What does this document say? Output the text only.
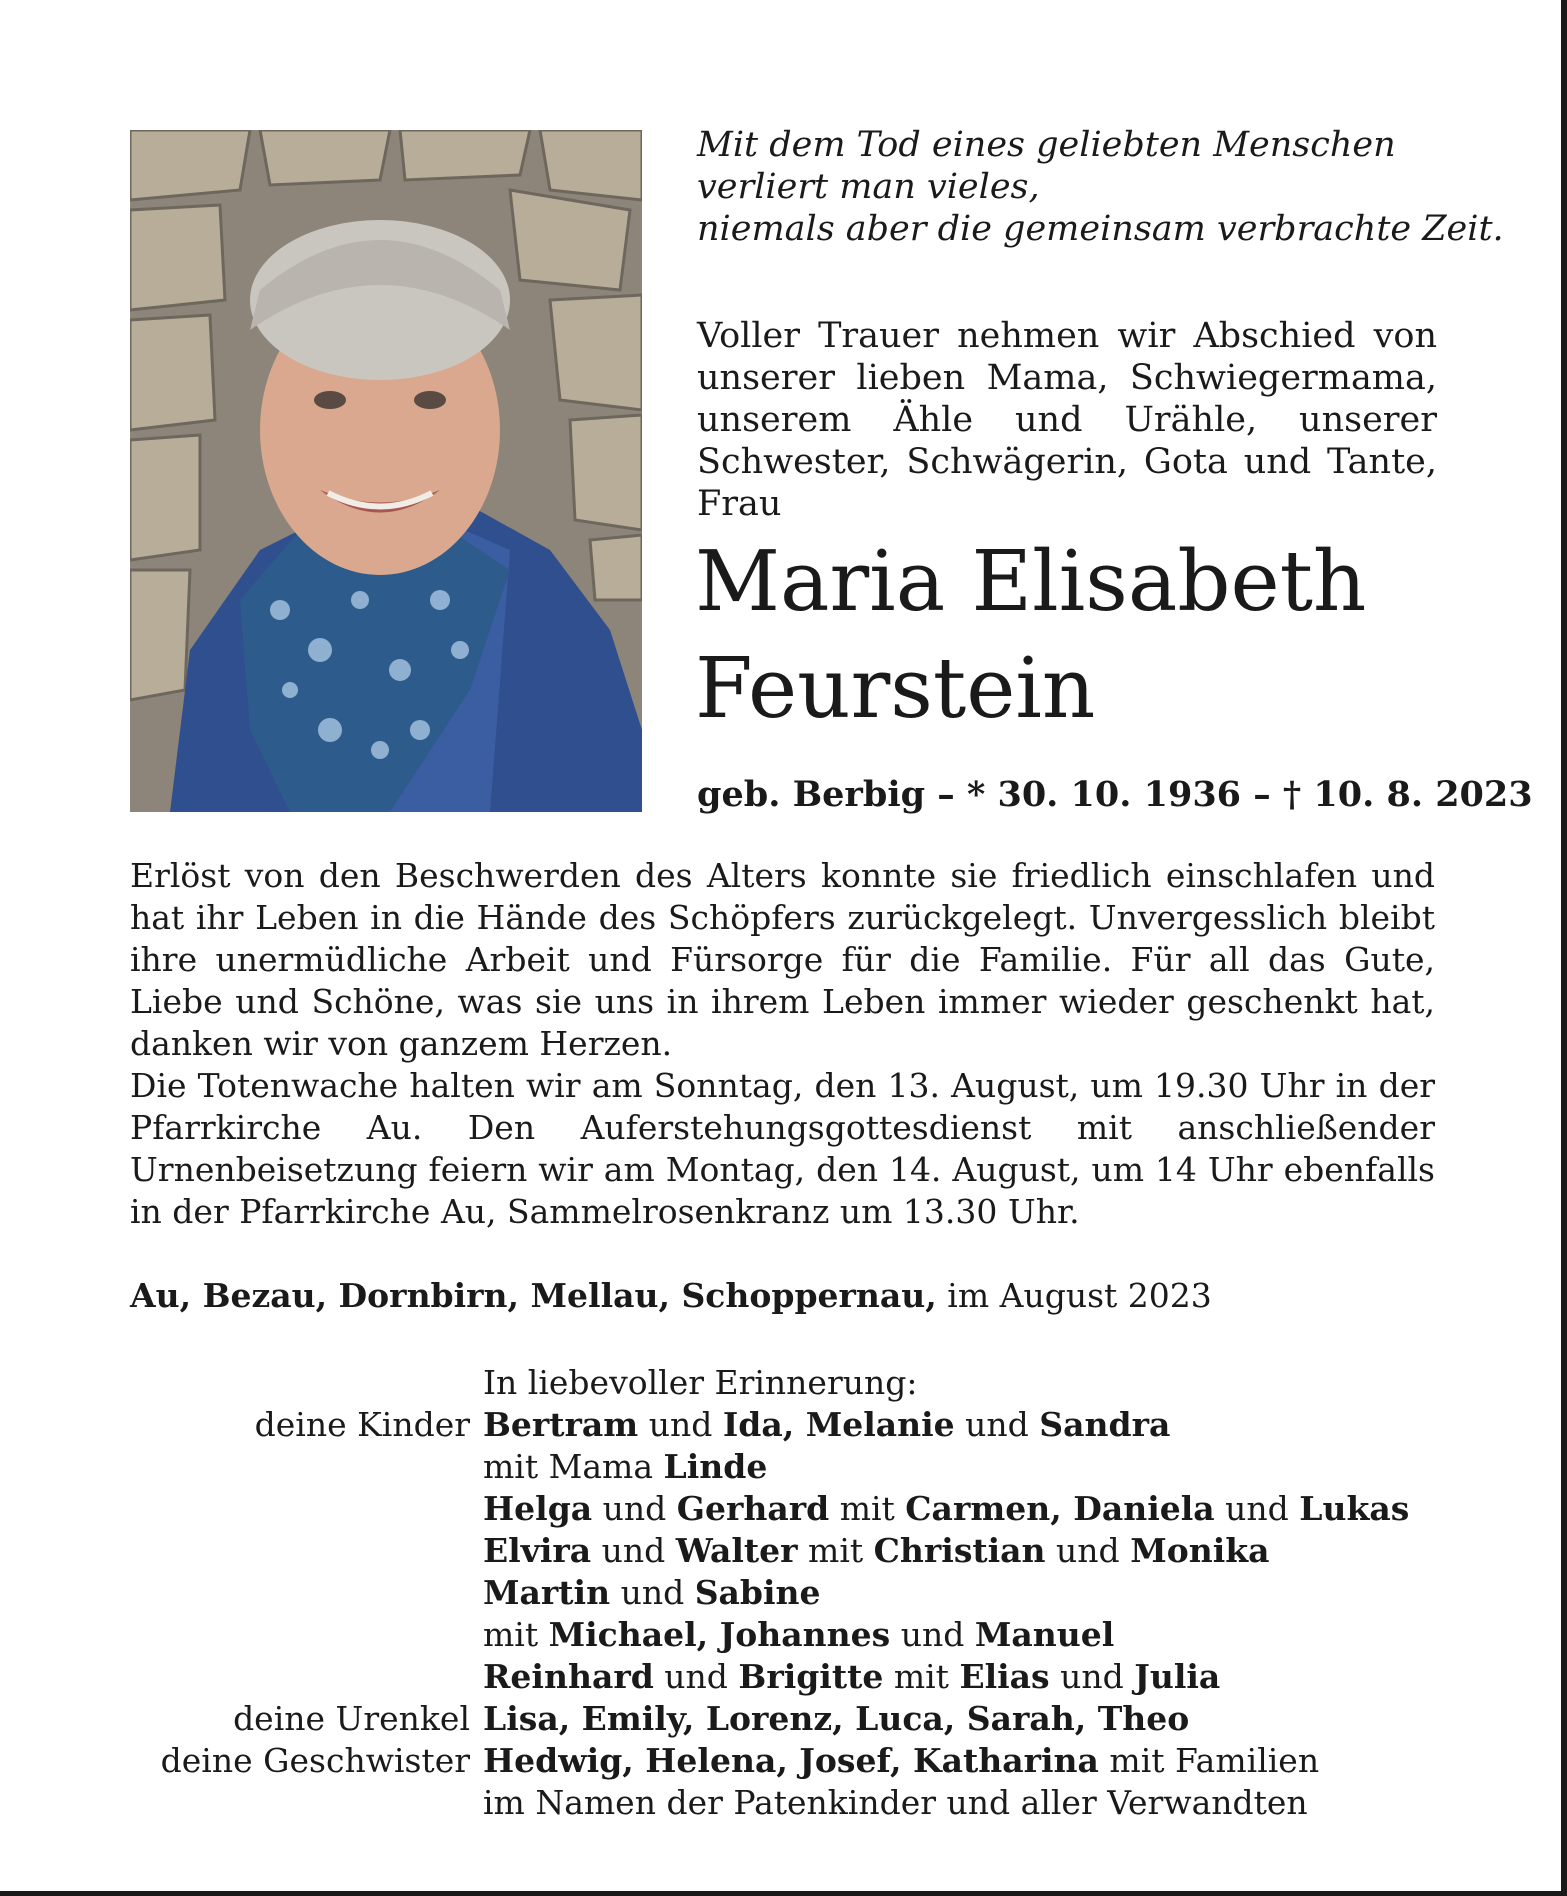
Mit dem Tod eines geliebten Menschen
verliert man vieles,
niemals aber die gemeinsam verbrachte Zeit.
Voller Trauer nehmen wir Abschied von unserer lieben Mama, Schwiegermama, unserem Ähle und Urähle, unserer Schwester, Schwägerin, Gota und Tante, Frau
Maria Elisabeth
Feurstein
geb. Berbig – * 30. 10. 1936 – † 10. 8. 2023

Erlöst von den Beschwerden des Alters konnte sie friedlich einschlafen und hat ihr Leben in die Hände des Schöpfers zurückgelegt. Unvergesslich bleibt ihre unermüdliche Arbeit und Fürsorge für die Familie. Für all das Gute, Liebe und Schöne, was sie uns in ihrem Leben immer wieder geschenkt hat, danken wir von ganzem Herzen.

Die Totenwache halten wir am Sonntag, den 13. August, um 19.30 Uhr in der Pfarrkirche Au. Den Auferstehungsgottesdienst mit anschließender Urnenbeisetzung feiern wir am Montag, den 14. August, um 14 Uhr ebenfalls in der Pfarrkirche Au, Sammelrosenkranz um 13.30 Uhr.

Au, Bezau, Dornbirn, Mellau, Schoppernau, im August 2023
In liebevoller Erinnerung:
deine Kinder Bertram und Ida, Melanie und Sandra
mit Mama Linde
Helga und Gerhard mit Carmen, Daniela und Lukas
Elvira und Walter mit Christian und Monika
Martin und Sabine
mit Michael, Johannes und Manuel
Reinhard und Brigitte mit Elias und Julia
deine Urenkel Lisa, Emily, Lorenz, Luca, Sarah, Theo
deine Geschwister Hedwig, Helena, Josef, Katharina mit Familien
im Namen der Patenkinder und aller Verwandten
